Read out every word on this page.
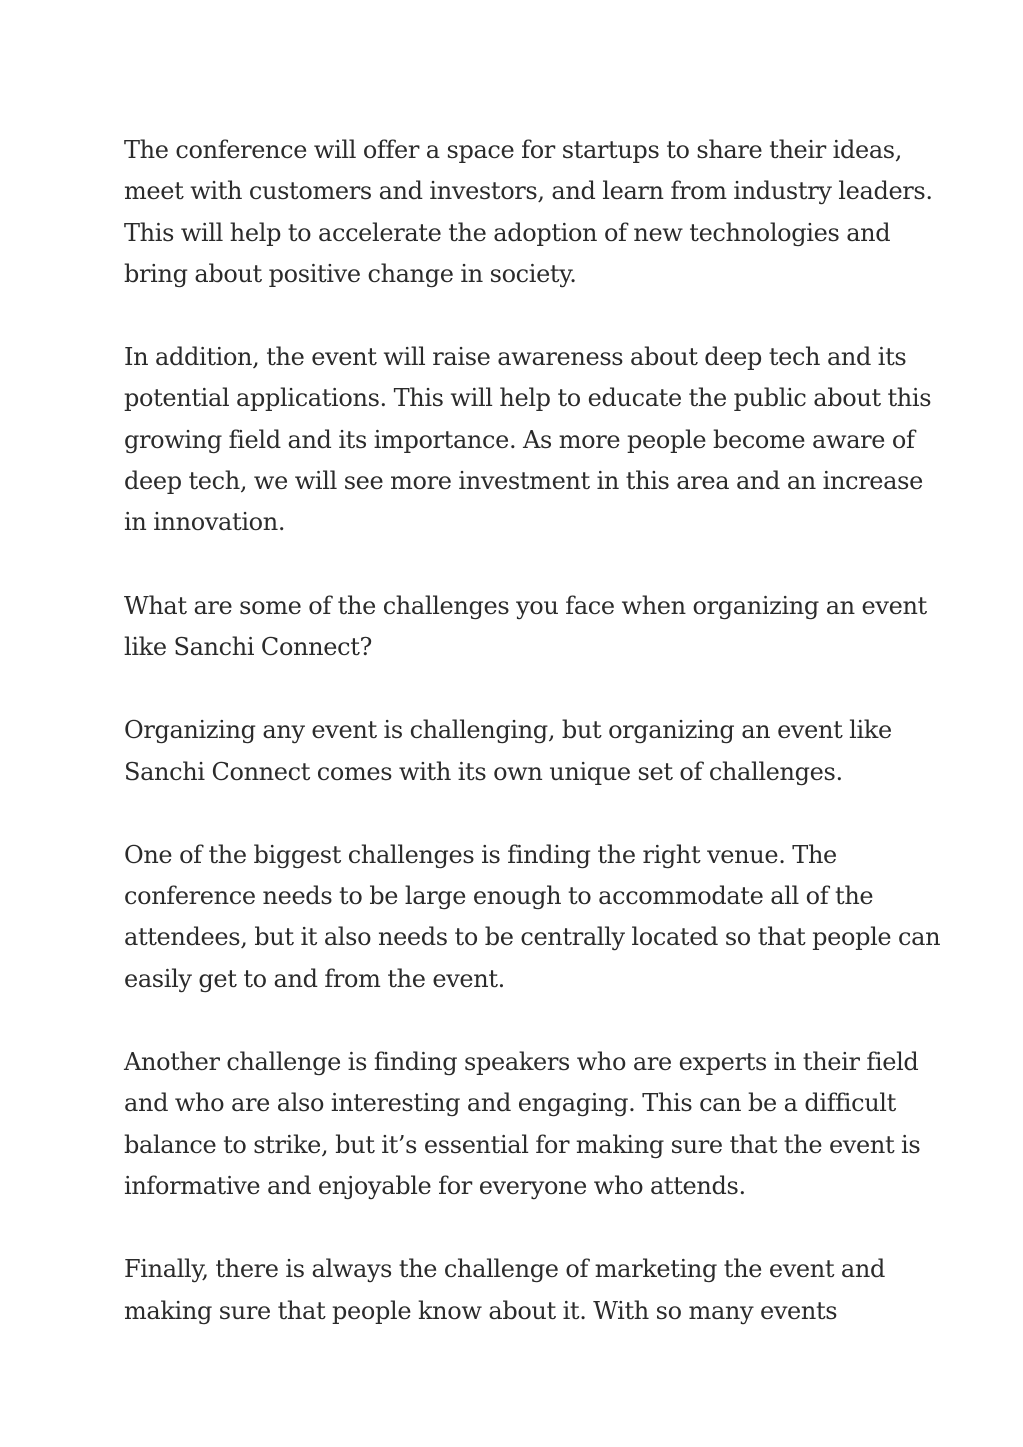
The conference will offer a space for startups to share their ideas,
meet with customers and investors, and learn from industry leaders.
This will help to accelerate the adoption of new technologies and
bring about positive change in society.

In addition, the event will raise awareness about deep tech and its
potential applications. This will help to educate the public about this
growing field and its importance. As more people become aware of
deep tech, we will see more investment in this area and an increase
in innovation.

What are some of the challenges you face when organizing an event
like Sanchi Connect?

Organizing any event is challenging, but organizing an event like
Sanchi Connect comes with its own unique set of challenges.

One of the biggest challenges is finding the right venue. The
conference needs to be large enough to accommodate all of the
attendees, but it also needs to be centrally located so that people can
easily get to and from the event.

Another challenge is finding speakers who are experts in their field
and who are also interesting and engaging. This can be a difficult
balance to strike, but it’s essential for making sure that the event is
informative and enjoyable for everyone who attends.

Finally, there is always the challenge of marketing the event and
making sure that people know about it. With so many events
